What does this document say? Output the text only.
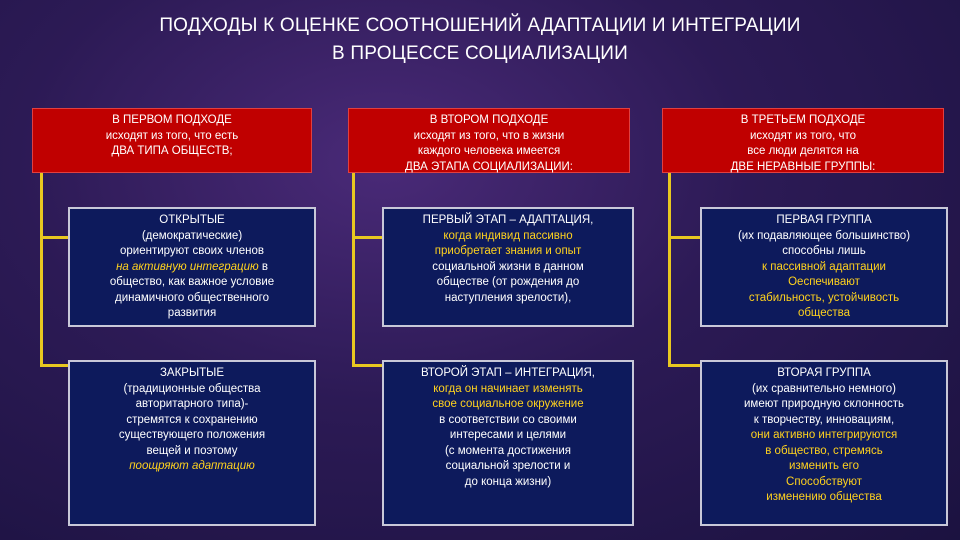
ПОДХОДЫ К ОЦЕНКЕ СООТНОШЕНИЙ АДАПТАЦИИ И ИНТЕГРАЦИИ
В ПРОЦЕССЕ СОЦИАЛИЗАЦИИ
В ПЕРВОМ ПОДХОДЕ
исходят из того, что есть
ДВА ТИПА ОБЩЕСТВ;
ОТКРЫТЫЕ
(демократические)
ориентируют своих членов
на активную интеграцию в
общество, как важное условие
динамичного общественного
развития
ЗАКРЫТЫЕ
(традиционные общества
авторитарного типа)-
стремятся к сохранению
существующего положения
вещей и поэтому
поощряют адаптацию
В ВТОРОМ ПОДХОДЕ
исходят из того, что в жизни
каждого человека имеется
ДВА ЭТАПА СОЦИАЛИЗАЦИИ:
ПЕРВЫЙ ЭТАП – АДАПТАЦИЯ,
когда индивид пассивно
приобретает знания и опыт
социальной жизни в данном
обществе (от рождения до
наступления зрелости),
ВТОРОЙ ЭТАП – ИНТЕГРАЦИЯ,
когда он начинает изменять
свое социальное окружение
в соответствии со своими
интересами и целями
(с момента достижения
социальной зрелости и
до конца жизни)
В ТРЕТЬЕМ ПОДХОДЕ
исходят из того, что
все люди делятся на
ДВЕ НЕРАВНЫЕ ГРУППЫ:
ПЕРВАЯ ГРУППА
(их подавляющее большинство)
способны лишь
к пассивной адаптации
Оеспечивают
стабильность, устойчивость
общества
ВТОРАЯ ГРУППА
(их сравнительно немного)
имеют природную склонность
к творчеству, инновациям,
они активно интегрируются
в общество, стремясь
изменить его
Способствуют
изменению общества
